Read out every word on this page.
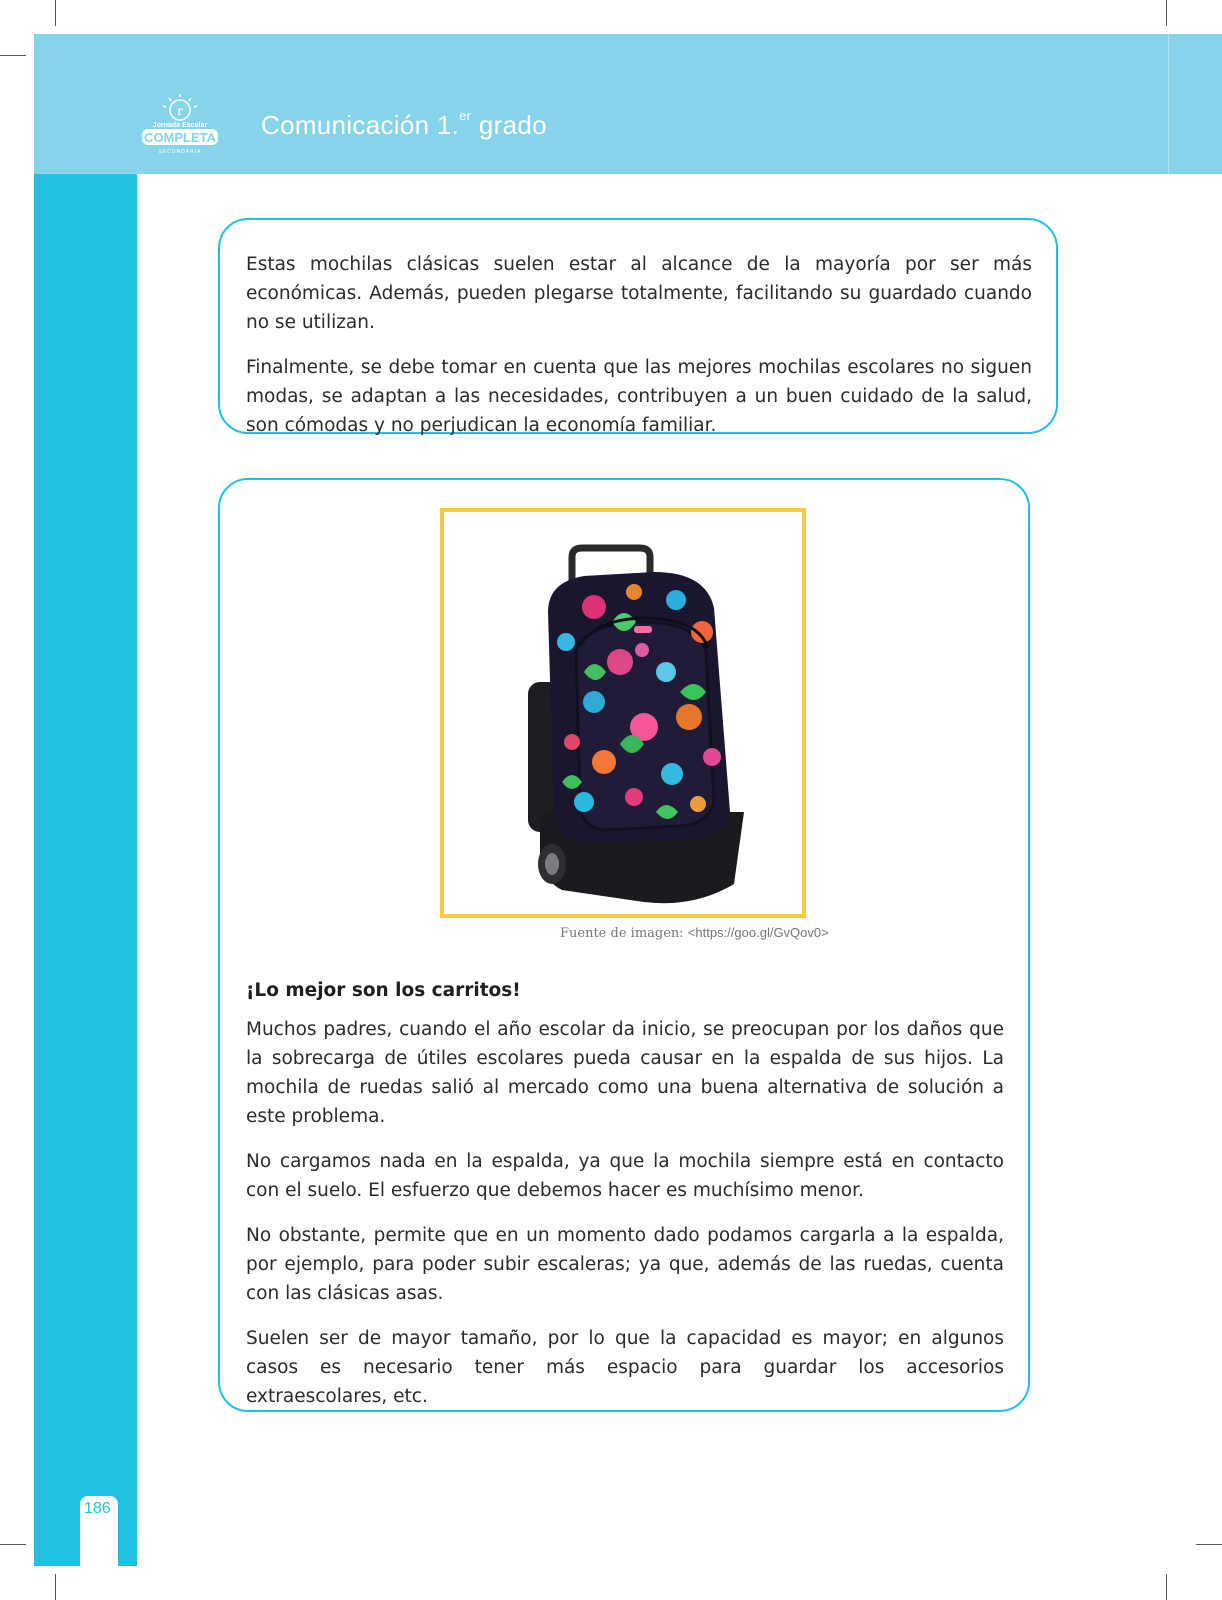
r
Jornada Escolar
COMPLETA
SECUNDARIA
Comunicación 1.$^{er}$ grado
186

Estas mochilas clásicas suelen estar al alcance de la mayoría por ser más económicas. Además, pueden plegarse totalmente, facilitando su guardado cuando no se utilizan.

Finalmente, se debe tomar en cuenta que las mejores mochilas escolares no siguen modas, se adaptan a las necesidades, contribuyen a un buen cuidado de la salud, son cómodas y no perjudican la economía familiar.

¡Lo mejor son los carritos!

Muchos padres, cuando el año escolar da inicio, se preocupan por los daños que la sobrecarga de útiles escolares pueda causar en la espalda de sus hijos. La mochila de ruedas salió al mercado como una buena alternativa de solución a este problema.

No cargamos nada en la espalda, ya que la mochila siempre está en contacto con el suelo. El esfuerzo que debemos hacer es muchísimo menor.

No obstante, permite que en un momento dado podamos cargarla a la espalda, por ejemplo, para poder subir escaleras; ya que, además de las ruedas, cuenta con las clásicas asas.

Suelen ser de mayor tamaño, por lo que la capacidad es mayor; en algunos casos es necesario tener más espacio para guardar los accesorios extraescolares, etc.

Fuente de imagen: <https://goo.gl/GvQov0>
